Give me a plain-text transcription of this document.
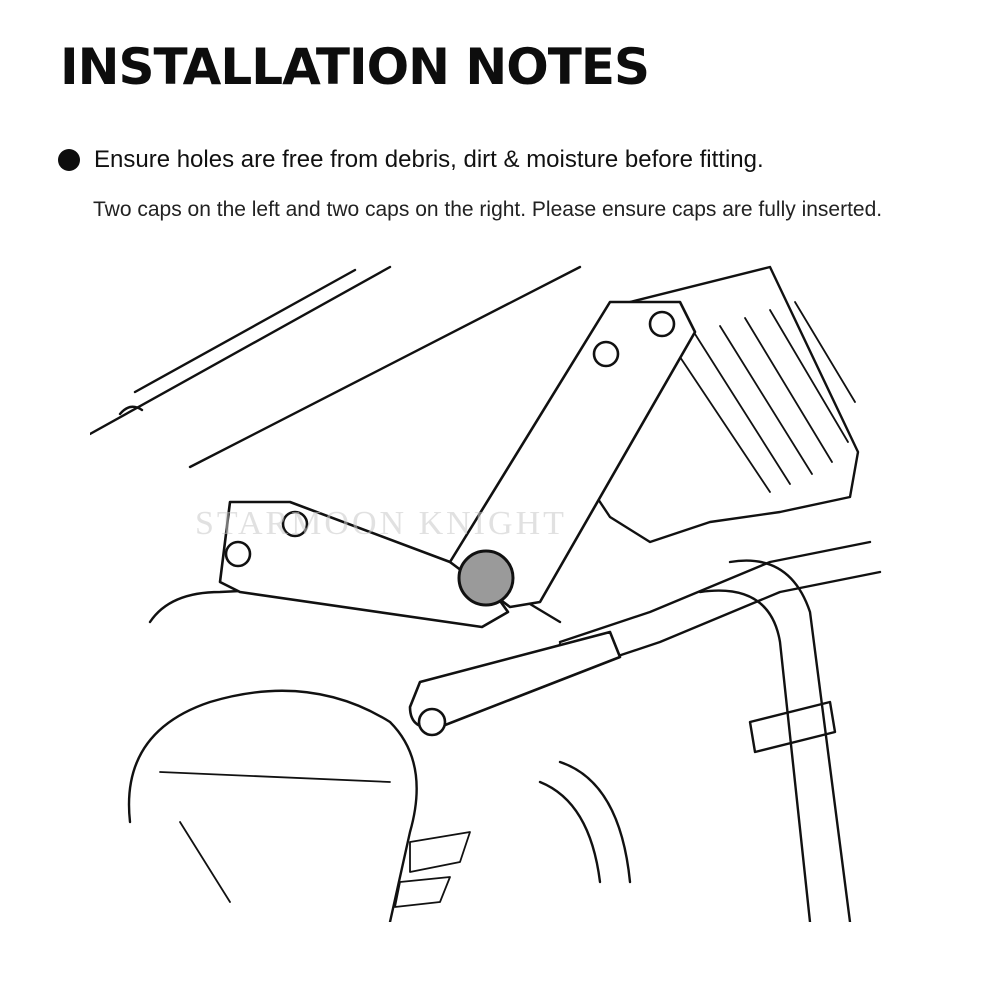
INSTALLATION NOTES
Ensure holes are free from debris, dirt & moisture before fitting.
Two caps on the left and two caps on the right. Please ensure caps are fully inserted.
STARMOON KNIGHT
